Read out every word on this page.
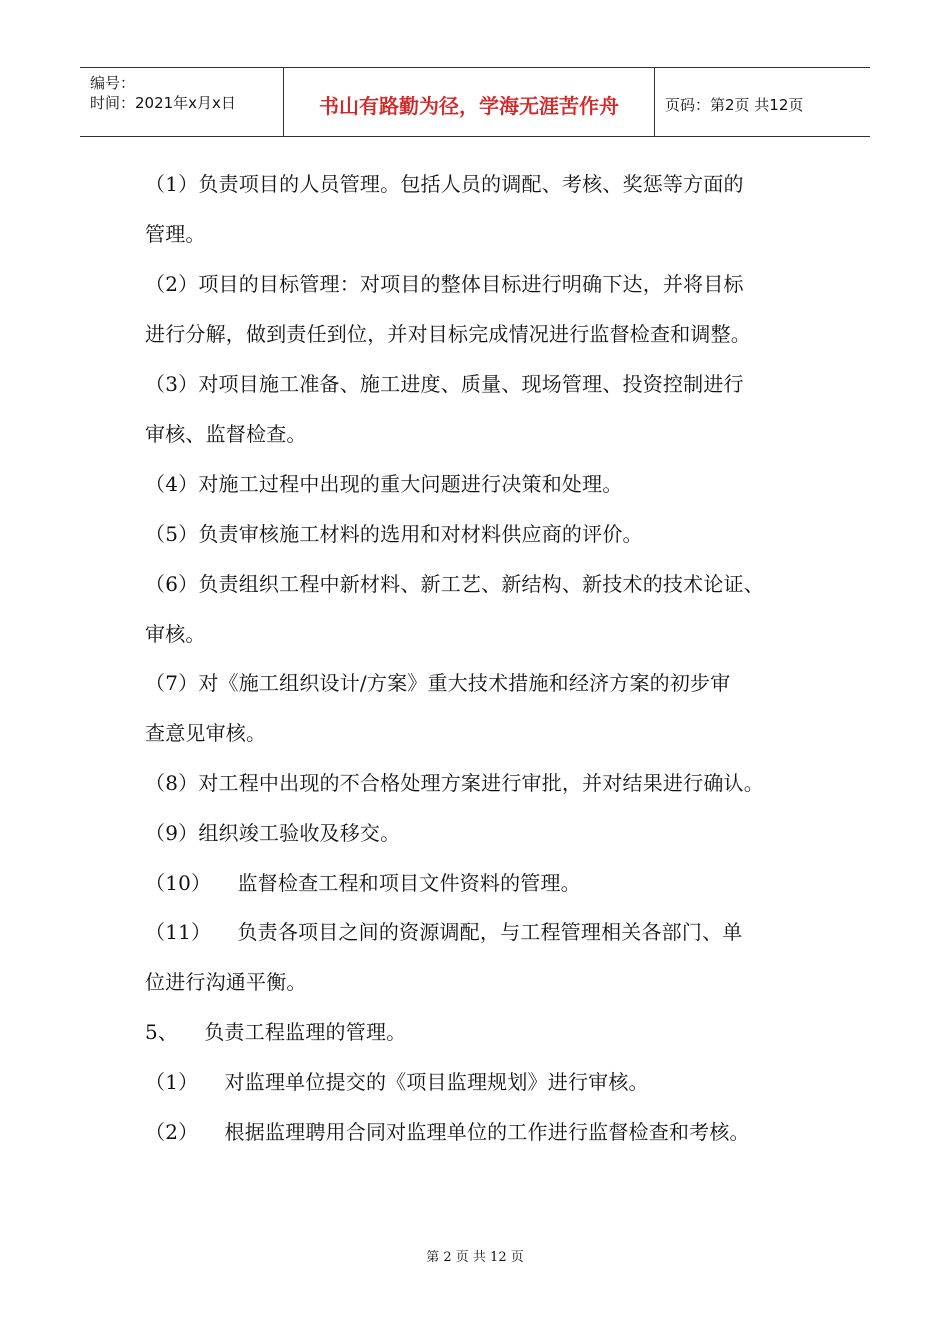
编号：
时间：2021年x月x日	书山有路勤为径，学海无涯苦作舟	页码：第2页 共12页
（1）负责项目的人员管理。包括人员的调配、考核、奖惩等方面的
管理。
（2）项目的目标管理：对项目的整体目标进行明确下达，并将目标
进行分解，做到责任到位，并对目标完成情况进行监督检查和调整。
（3）对项目施工准备、施工进度、质量、现场管理、投资控制进行
审核、监督检查。
（4）对施工过程中出现的重大问题进行决策和处理。
（5）负责审核施工材料的选用和对材料供应商的评价。
（6）负责组织工程中新材料、新工艺、新结构、新技术的技术论证、
审核。
（7）对《施工组织设计/方案》重大技术措施和经济方案的初步审
查意见审核。
（8）对工程中出现的不合格处理方案进行审批，并对结果进行确认。
（9）组织竣工验收及移交。
（10）    监督检查工程和项目文件资料的管理。
（11）    负责各项目之间的资源调配，与工程管理相关各部门、单
位进行沟通平衡。
5、    负责工程监理的管理。
（1）    对监理单位提交的《项目监理规划》进行审核。
（2）    根据监理聘用合同对监理单位的工作进行监督检查和考核。
第 2 页 共 12 页
